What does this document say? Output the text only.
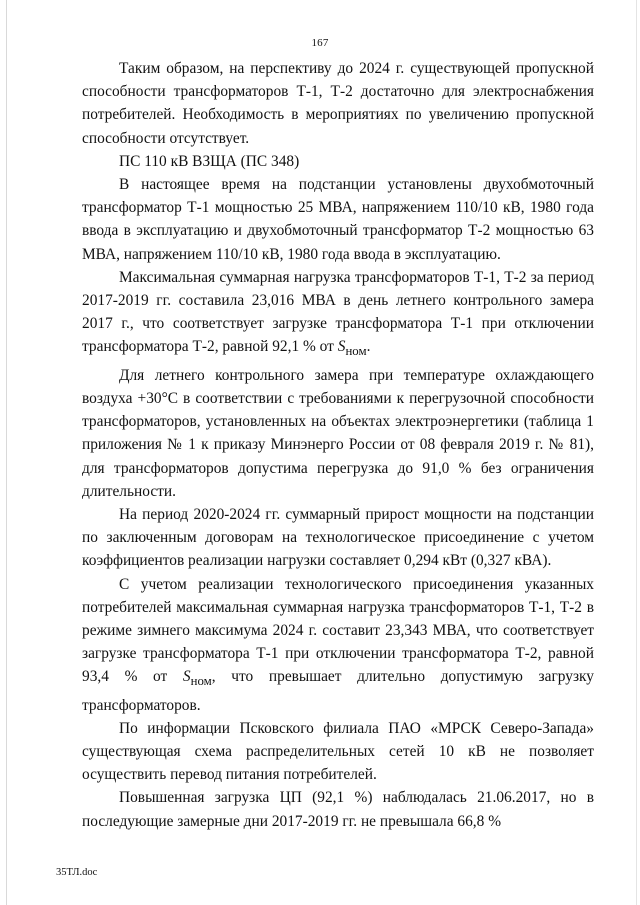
167

Таким образом, на перспективу до 2024 г. существующей пропускной способности трансформаторов Т-1, Т-2 достаточно для электроснабжения потребителей. Необходимость в мероприятиях по увеличению пропускной способности отсутствует.

ПС 110 кВ ВЗЩА (ПС 348)

В настоящее время на подстанции установлены двухобмоточный трансформатор Т-1 мощностью 25 МВА, напряжением 110/10 кВ, 1980 года ввода в эксплуатацию и двухобмоточный трансформатор Т-2 мощностью 63 МВА, напряжением 110/10 кВ, 1980 года ввода в эксплуатацию.

Максимальная суммарная нагрузка трансформаторов Т-1, Т-2 за период 2017-2019 гг. составила 23,016 МВА в день летнего контрольного замера 2017 г., что соответствует загрузке трансформатора Т-1 при отключении трансформатора Т-2, равной 92,1 % от $S_{ном}$.

Для летнего контрольного замера при температуре охлаждающего воздуха +30°С в соответствии с требованиями к перегрузочной способности трансформаторов, установленных на объектах электроэнергетики (таблица 1 приложения № 1 к приказу Минэнерго России от 08 февраля 2019 г. № 81), для трансформаторов допустима перегрузка до 91,0 % без ограничения длительности.

На период 2020-2024 гг. суммарный прирост мощности на подстанции по заключенным договорам на технологическое присоединение с учетом коэффициентов реализации нагрузки составляет 0,294 кВт (0,327 кВА).

С учетом реализации технологического присоединения указанных потребителей максимальная суммарная нагрузка трансформаторов Т-1, Т-2 в режиме зимнего максимума 2024 г. составит 23,343 МВА, что соответствует загрузке трансформатора Т-1 при отключении трансформатора Т-2, равной 93,4 % от $S_{ном}$, что превышает длительно допустимую загрузку трансформаторов.

По информации Псковского филиала ПАО «МРСК Северо-Запада» существующая схема распределительных сетей 10 кВ не позволяет осуществить перевод питания потребителей.

Повышенная загрузка ЦП (92,1 %) наблюдалась 21.06.2017, но в последующие замерные дни 2017-2019 гг. не превышала 66,8 %

35ТЛ.doc
